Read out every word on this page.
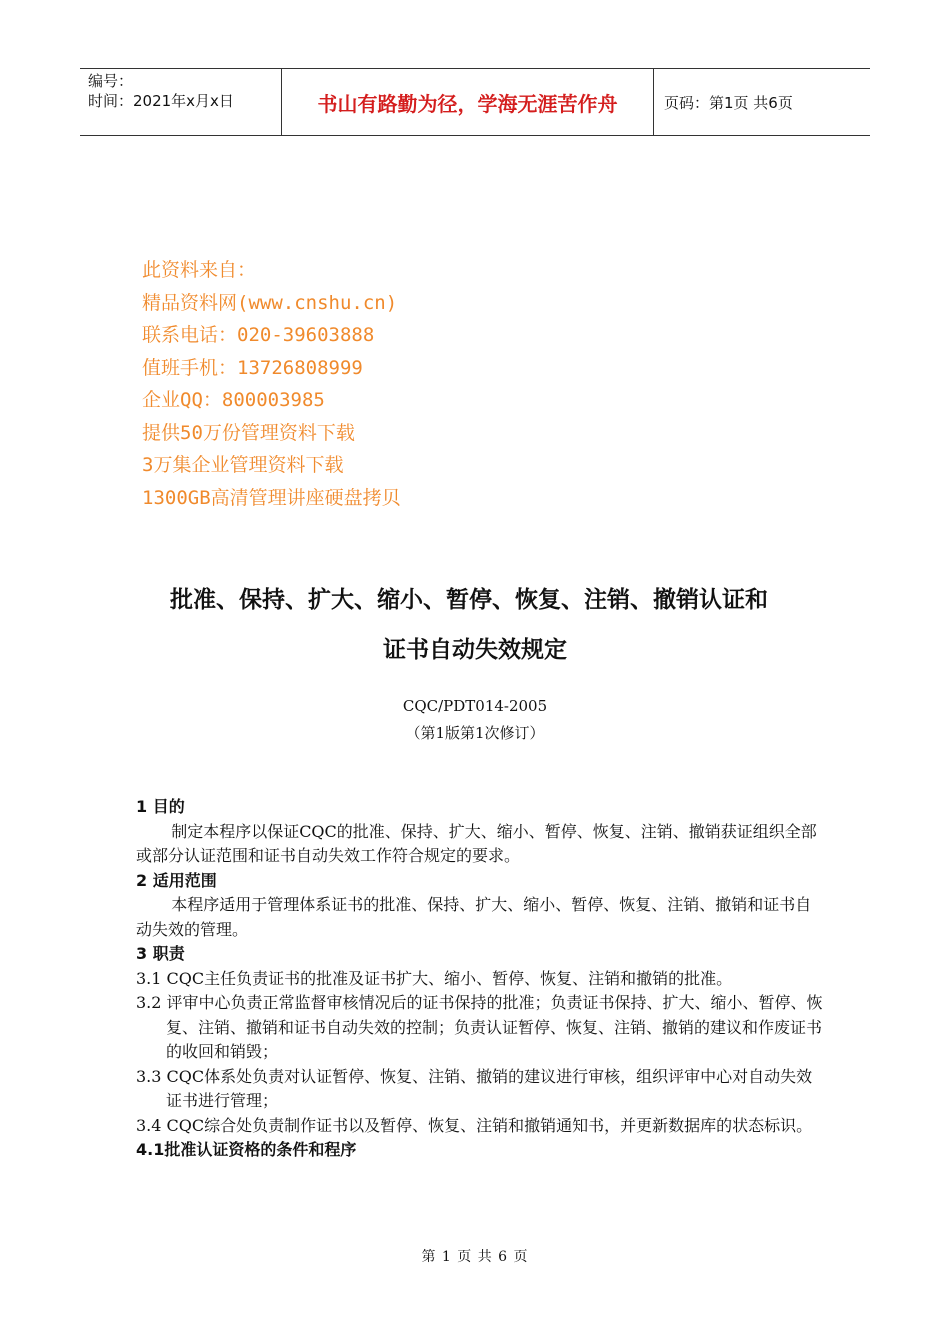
编号：
时间：2021年x月x日	书山有路勤为径，学海无涯苦作舟	页码：第1页 共6页
此资料来自：
精品资料网(www.cnshu.cn)
联系电话：020-39603888
值班手机：13726808999
企业QQ：800003985
提供50万份管理资料下载
3万集企业管理资料下载
1300GB高清管理讲座硬盘拷贝
批准、保持、扩大、缩小、暂停、恢复、注销、撤销认证和
证书自动失效规定
CQC/PDT014-2005
（第1版第1次修订）

1 目的

制定本程序以保证CQC的批准、保持、扩大、缩小、暂停、恢复、注销、撤销获证组织全部或部分认证范围和证书自动失效工作符合规定的要求。

2 适用范围

本程序适用于管理体系证书的批准、保持、扩大、缩小、暂停、恢复、注销、撤销和证书自动失效的管理。

3 职责

3.1 CQC主任负责证书的批准及证书扩大、缩小、暂停、恢复、注销和撤销的批准。

3.2 评审中心负责正常监督审核情况后的证书保持的批准；负责证书保持、扩大、缩小、暂停、恢复、注销、撤销和证书自动失效的控制；负责认证暂停、恢复、注销、撤销的建议和作废证书的收回和销毁；

3.3 CQC体系处负责对认证暂停、恢复、注销、撤销的建议进行审核，组织评审中心对自动失效证书进行管理；

3.4 CQC综合处负责制作证书以及暂停、恢复、注销和撤销通知书，并更新数据库的状态标识。

4.1批准认证资格的条件和程序

第 1 页 共 6 页
